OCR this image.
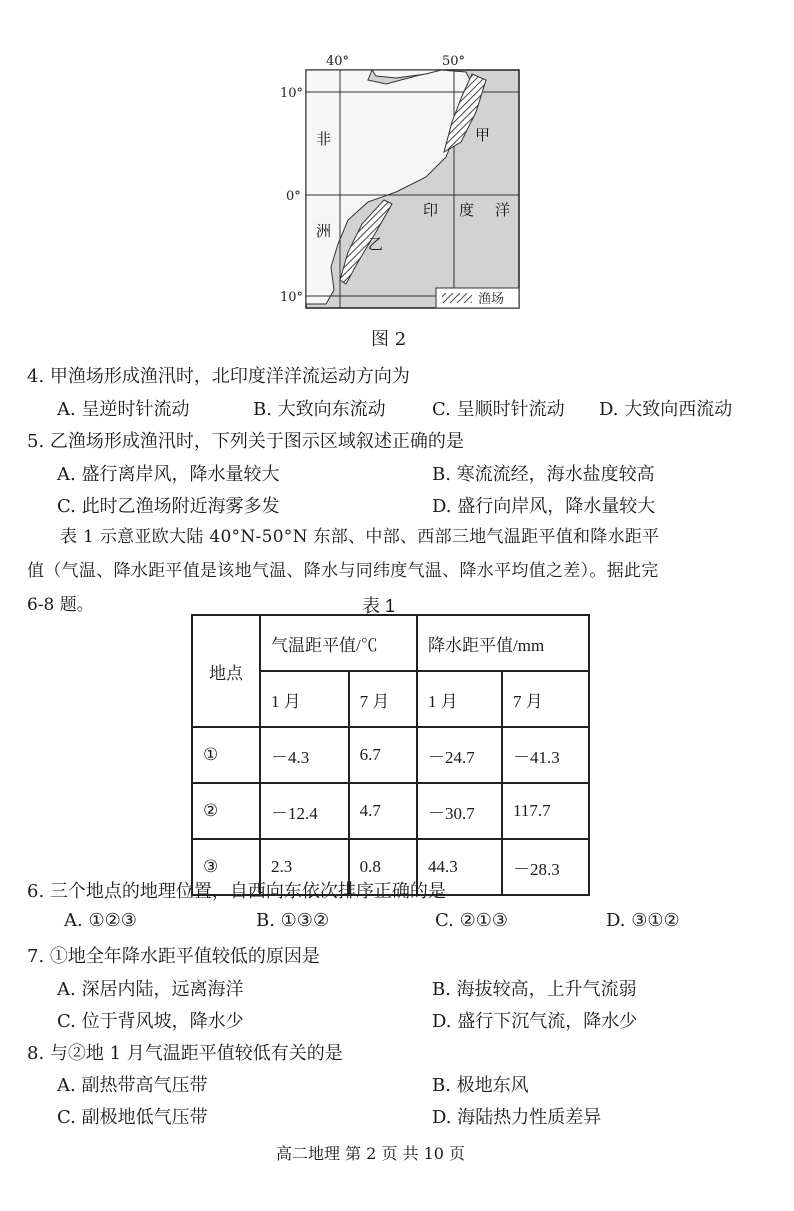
渔场
40°	50°
10°
0°
10°
非
洲
印 度 洋
甲
乙
图 2
4. 甲渔场形成渔汛时，北印度洋洋流运动方向为
A. 呈逆时针流动	B. 大致向东流动	C. 呈顺时针流动 D. 大致向西流动
5. 乙渔场形成渔汛时，下列关于图示区域叙述正确的是
A. 盛行离岸风，降水量较大	B. 寒流流经，海水盐度较高
C. 此时乙渔场附近海雾多发	D. 盛行向岸风，降水量较大
表 1 示意亚欧大陆 40°N-50°N 东部、中部、西部三地气温距平值和降水距平
值（气温、降水距平值是该地气温、降水与同纬度气温、降水平均值之差）。据此完
6-8 题。	表 1
地点	气温距平值/℃		降水距平值/mm	
	1 月	7 月	1 月	7 月
①	－4.3	6.7	－24.7	－41.3
②	－12.4	4.7	－30.7	117.7
③	2.3	0.8	44.3	－28.3
6. 三个地点的地理位置，自西向东依次排序正确的是
A. ①②③	B. ①③②	C. ②①③	D. ③①②
7. ①地全年降水距平值较低的原因是
A. 深居内陆，远离海洋	B. 海拔较高，上升气流弱
C. 位于背风坡，降水少	D. 盛行下沉气流，降水少
8. 与②地 1 月气温距平值较低有关的是
A. 副热带高气压带	B. 极地东风
C. 副极地低气压带	D. 海陆热力性质差异
高二地理 第 2 页 共 10 页
